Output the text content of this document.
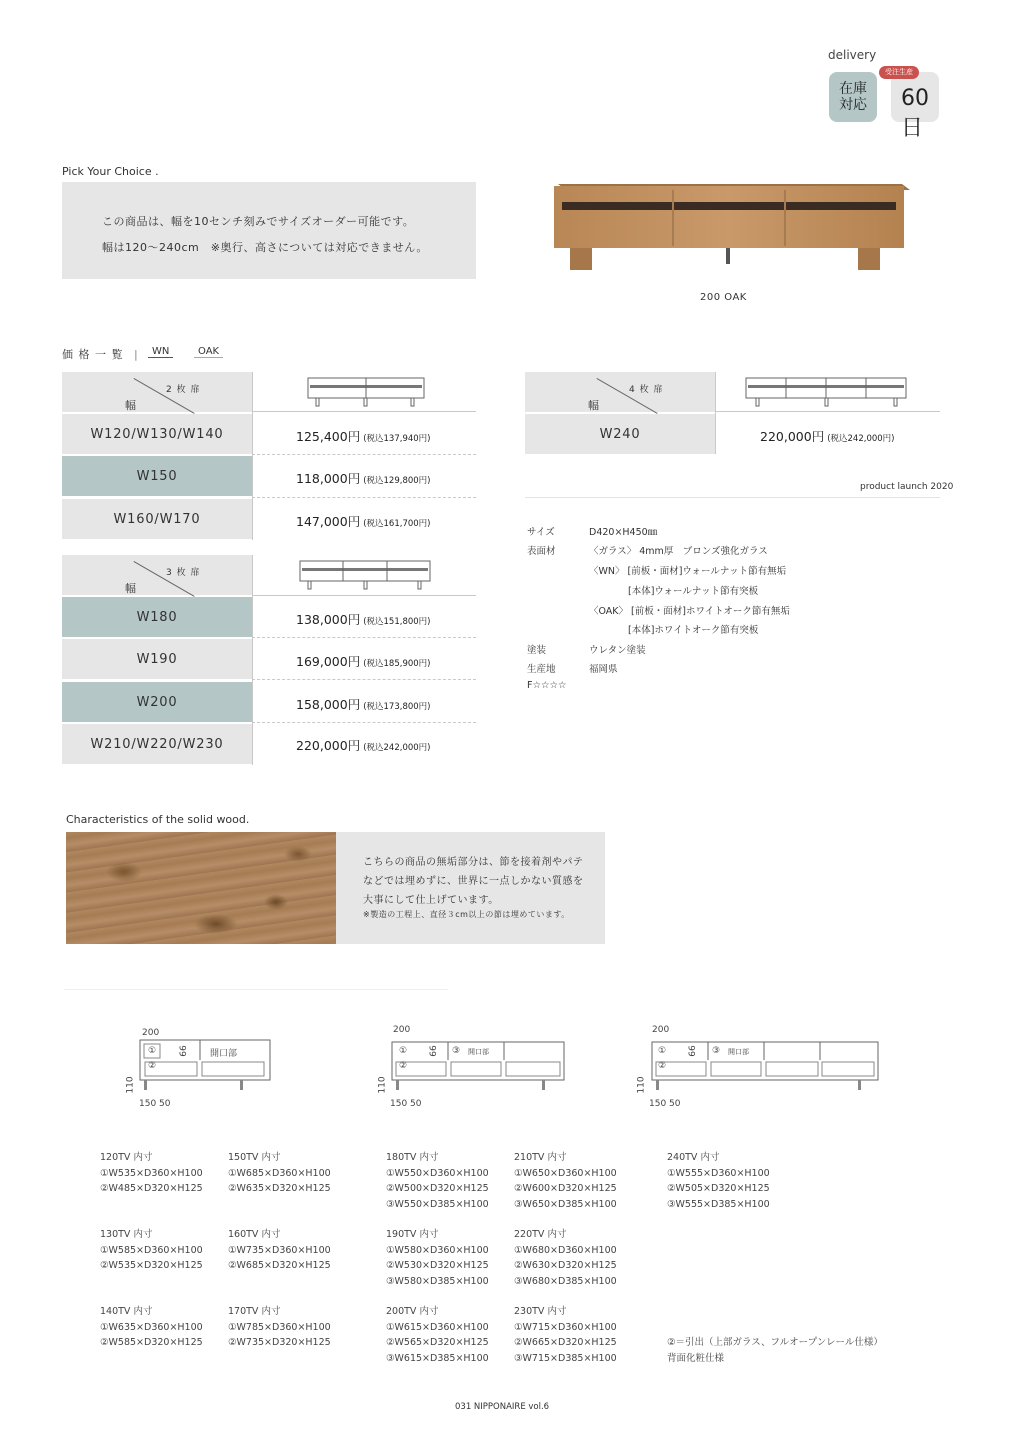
delivery
在庫
対応 60日
受注生産
Pick Your Choice .
この商品は、幅を10センチ刻みでサイズオーダー可能です。
幅は120～240cm　※奥行、高さについては対応できません。
200 OAK
価 格 一 覧 |	WN	OAK
2 枚 扉
幅
W120/W130/W140	125,400円 (税込137,940円)
W150	118,000円 (税込129,800円)
W160/W170	147,000円 (税込161,700円)
3 枚 扉
幅
W180	138,000円 (税込151,800円)
W190	169,000円 (税込185,900円)
W200	158,000円 (税込173,800円)
W210/W220/W230	220,000円 (税込242,000円)
4 枚 扉
幅
W240	220,000円 (税込242,000円)
product launch 2020
サイズ	D420×H450㎜
表面材	〈ガラス〉 4mm厚　ブロンズ強化ガラス
〈WN〉 [前板・面材]ウォールナット節有無垢
[本体]ウォールナット節有突板
〈OAK〉 [前板・面材]ホワイトオーク節有無垢
[本体]ホワイトオーク節有突板
塗装	ウレタン塗装
生産地	福岡県
F☆☆☆☆
Characteristics of the solid wood.
こちらの商品の無垢部分は、節を接着剤やパテ
などでは埋めずに、世界に一点しかない質感を
大事にして仕上げています。
※製造の工程上、直径３cm以上の節は埋めています。
200
①
②
99	開口部
110
150 50
200
①
②
99 ③ 開口部
110
150 50
200
①
②
99 ③ 開口部
110
150 50
120TV 内寸
①W535×D360×H100
②W485×D320×H125
150TV 内寸
①W685×D360×H100
②W635×D320×H125
180TV 内寸
①W550×D360×H100
②W500×D320×H125
③W550×D385×H100
210TV 内寸
①W650×D360×H100
②W600×D320×H125
③W650×D385×H100
240TV 内寸
①W555×D360×H100
②W505×D320×H125
③W555×D385×H100
130TV 内寸
①W585×D360×H100
②W535×D320×H125
160TV 内寸
①W735×D360×H100
②W685×D320×H125
190TV 内寸
①W580×D360×H100
②W530×D320×H125
③W580×D385×H100
220TV 内寸
①W680×D360×H100
②W630×D320×H125
③W680×D385×H100
140TV 内寸
①W635×D360×H100
②W585×D320×H125
170TV 内寸
①W785×D360×H100
②W735×D320×H125
200TV 内寸
①W615×D360×H100
②W565×D320×H125
③W615×D385×H100
230TV 内寸
①W715×D360×H100
②W665×D320×H125
③W715×D385×H100
②＝引出（上部ガラス、フルオープンレール仕様）
背面化粧仕様
031 NIPPONAIRE vol.6
